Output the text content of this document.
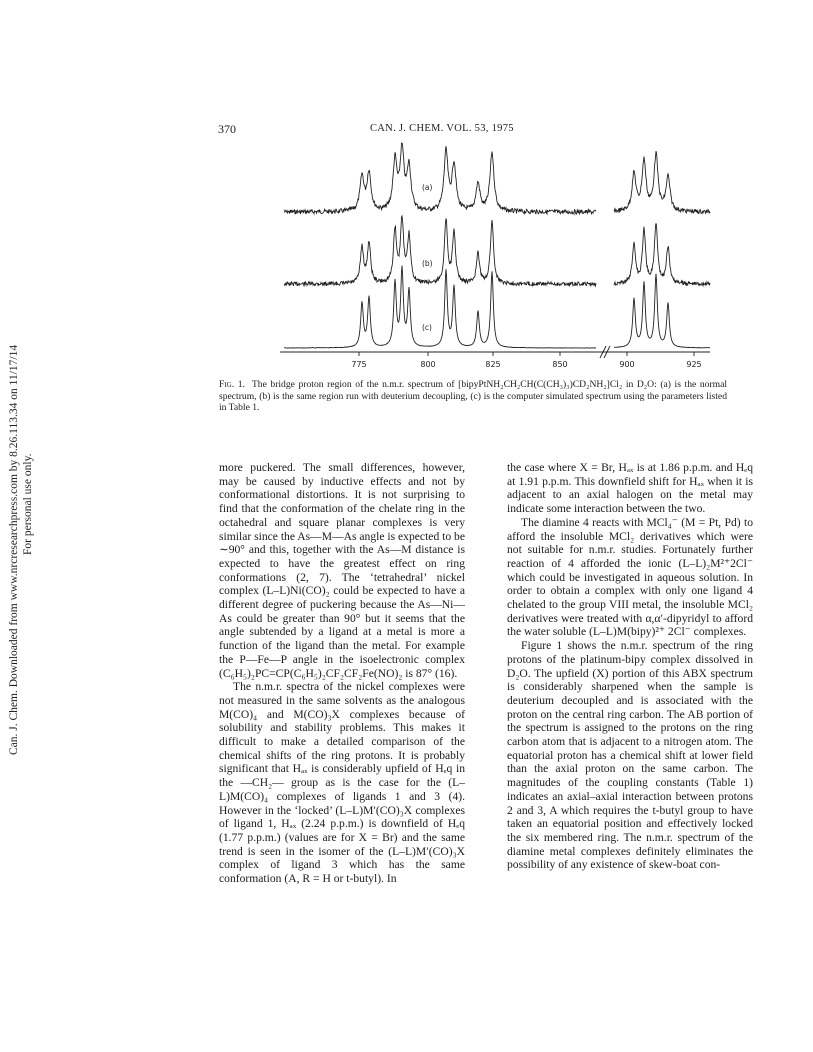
Can. J. Chem. Downloaded from www.nrcresearchpress.com by 8.26.113.34 on 11/17/14 For personal use only.
370	CAN. J. CHEM. VOL. 53, 1975
775	800	825	850	900	925
(a)
(b)
(c)

Fig. 1. The bridge proton region of the n.m.r. spectrum of [bipyPtNH₂CH₂CH(C(CH₃)₃)CD₂NH₂]Cl₂ in D₂O: (a) is the normal spectrum, (b) is the same region run with deuterium decoupling, (c) is the computer simulated spectrum using the parameters listed in Table 1.

more puckered. The small differences, however, may be caused by inductive effects and not by conformational distortions. It is not surprising to find that the conformation of the chelate ring in the octahedral and square planar complexes is very similar since the As—M—As angle is expected to be ∼90° and this, together with the As—M distance is expected to have the greatest effect on ring conformations (2, 7). The ‘tetrahedral’ nickel complex (L–L)Ni(CO)₂ could be expected to have a different degree of puckering because the As—Ni—As could be greater than 90° but it seems that the angle subtended by a ligand at a metal is more a function of the ligand than the metal. For example the P—Fe—P angle in the isoelectronic complex (C₆H₅)₂PC=CP(C₆H₅)₂CF₂CF₂Fe(NO)₂ is 87° (16).

The n.m.r. spectra of the nickel complexes were not measured in the same solvents as the analogous M(CO)₄ and M(CO)₃X complexes because of solubility and stability problems. This makes it difficult to make a detailed comparison of the chemical shifts of the ring protons. It is probably significant that Hₐₓ is considerably upfield of Hₑq in the —CH₂— group as is the case for the (L–L)M(CO)₄ complexes of ligands 1 and 3 (4). However in the ‘locked’ (L–L)M′(CO)₃X complexes of ligand 1, Hₐₓ (2.24 p.p.m.) is downfield of Hₑq (1.77 p.p.m.) (values are for X = Br) and the same trend is seen in the isomer of the (L–L)M′(CO)₃X complex of ligand 3 which has the same conformation (A, R = H or t-butyl). In

the case where X = Br, Hₐₓ is at 1.86 p.p.m. and Hₑq at 1.91 p.p.m. This downfield shift for Hₐₓ when it is adjacent to an axial halogen on the metal may indicate some interaction between the two.

The diamine 4 reacts with MCl₄⁻ (M = Pt, Pd) to afford the insoluble MCl₂ derivatives which were not suitable for n.m.r. studies. Fortunately further reaction of 4 afforded the ionic (L–L)₂M²⁺2Cl⁻ which could be investigated in aqueous solution. In order to obtain a complex with only one ligand 4 chelated to the group VIII metal, the insoluble MCl₂ derivatives were treated with α,α′-dipyridyl to afford the water soluble (L–L)M(bipy)²⁺ 2Cl⁻ complexes.

Figure 1 shows the n.m.r. spectrum of the ring protons of the platinum-bipy complex dissolved in D₂O. The upfield (X) portion of this ABX spectrum is considerably sharpened when the sample is deuterium decoupled and is associated with the proton on the central ring carbon. The AB portion of the spectrum is assigned to the protons on the ring carbon atom that is adjacent to a nitrogen atom. The equatorial proton has a chemical shift at lower field than the axial proton on the same carbon. The magnitudes of the coupling constants (Table 1) indicates an axial–axial interaction between protons 2 and 3, A which requires the t-butyl group to have taken an equatorial position and effectively locked the six membered ring. The n.m.r. spectrum of the diamine metal complexes definitely eliminates the possibility of any existence of skew-boat con-
